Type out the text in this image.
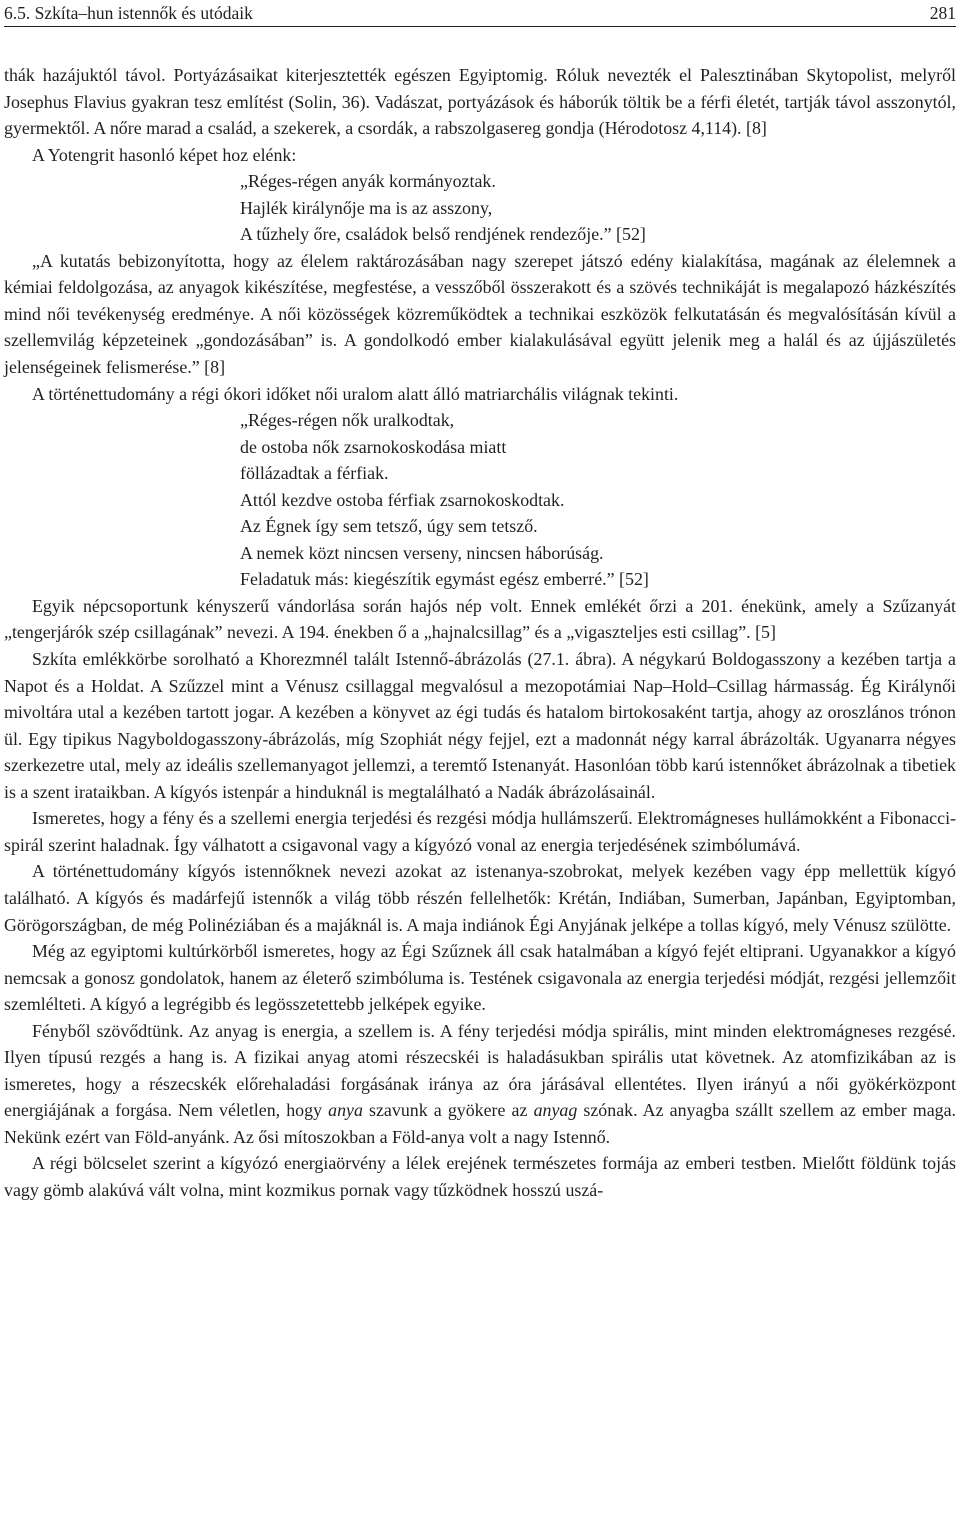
6.5. Szkíta–hun istennők és utódaik	281

thák hazájuktól távol. Portyázásaikat kiterjesztették egészen Egyiptomig. Róluk nevezték el Palesztinában Skytopolist, melyről Josephus Flavius gyakran tesz említést (Solin, 36). Vadászat, portyázások és háborúk töltik be a férfi életét, tartják távol asszonytól, gyermektől. A nőre marad a család, a szekerek, a csordák, a rabszolgasereg gondja (Hérodotosz 4,114). [8]

A Yotengrit hasonló képet hoz elénk:

„Réges-régen anyák kormányoztak.
Hajlék királynője ma is az asszony,
A tűzhely őre, családok belső rendjének rendezője.” [52]

„A kutatás bebizonyította, hogy az élelem raktározásában nagy szerepet játszó edény kialakítása, magának az élelemnek a kémiai feldolgozása, az anyagok kikészítése, megfestése, a vesszőből összerakott és a szövés technikáját is megalapozó házkészítés mind női tevékenység eredménye. A női közösségek közreműködtek a technikai eszközök felkutatásán és megvalósításán kívül a szellemvilág képzeteinek „gondozásában” is. A gondolkodó ember kialakulásával együtt jelenik meg a halál és az újjászületés jelenségeinek felismerése.” [8]

A történettudomány a régi ókori időket női uralom alatt álló matriarchális világnak tekinti.

„Réges-régen nők uralkodtak,
de ostoba nők zsarnokoskodása miatt
föllázadtak a férfiak.
Attól kezdve ostoba férfiak zsarnokoskodtak.
Az Égnek így sem tetsző, úgy sem tetsző.
A nemek közt nincsen verseny, nincsen háborúság.
Feladatuk más: kiegészítik egymást egész emberré.” [52]

Egyik népcsoportunk kényszerű vándorlása során hajós nép volt. Ennek emlékét őrzi a 201. énekünk, amely a Szűzanyát „tengerjárók szép csillagának” nevezi. A 194. énekben ő a „hajnalcsillag” és a „vigaszteljes esti csillag”. [5]

Szkíta emlékkörbe sorolható a Khorezmnél talált Istennő-ábrázolás (27.1. ábra). A négykarú Boldogasszony a kezében tartja a Napot és a Holdat. A Szűzzel mint a Vénusz csillaggal megvalósul a mezopotámiai Nap–Hold–Csillag hármasság. Ég Királynői mivoltára utal a kezében tartott jogar. A kezében a könyvet az égi tudás és hatalom birtokosaként tartja, ahogy az oroszlános trónon ül. Egy tipikus Nagyboldogasszony-ábrázolás, míg Szophiát négy fejjel, ezt a madonnát négy karral ábrázolták. Ugyanarra négyes szerkezetre utal, mely az ideális szellemanyagot jellemzi, a teremtő Istenanyát. Hasonlóan több karú istennőket ábrázolnak a tibetiek is a szent irataikban. A kígyós istenpár a hinduknál is megtalálható a Nadák ábrázolásainál.

Ismeretes, hogy a fény és a szellemi energia terjedési és rezgési módja hullámszerű. Elektromágneses hullámokként a Fibonacci-spirál szerint haladnak. Így válhatott a csigavonal vagy a kígyózó vonal az energia terjedésének szimbólumává.

A történettudomány kígyós istennőknek nevezi azokat az istenanya-szobrokat, melyek kezében vagy épp mellettük kígyó található. A kígyós és madárfejű istennők a világ több részén fellelhetők: Krétán, Indiában, Sumerban, Japánban, Egyiptomban, Görögországban, de még Polinéziában és a majáknál is. A maja indiánok Égi Anyjának jelképe a tollas kígyó, mely Vénusz szülötte.

Még az egyiptomi kultúrkörből ismeretes, hogy az Égi Szűznek áll csak hatalmában a kígyó fejét eltiprani. Ugyanakkor a kígyó nemcsak a gonosz gondolatok, hanem az életerő szimbóluma is. Testének csigavonala az energia terjedési módját, rezgési jellemzőit szemlélteti. A kígyó a legrégibb és legösszetettebb jelképek egyike.

Fényből szövődtünk. Az anyag is energia, a szellem is. A fény terjedési módja spirális, mint minden elektromágneses rezgésé. Ilyen típusú rezgés a hang is. A fizikai anyag atomi részecskéi is haladásukban spirális utat követnek. Az atomfizikában az is ismeretes, hogy a részecskék előrehaladási forgásának iránya az óra járásával ellentétes. Ilyen irányú a női gyökérközpont energiájának a forgása. Nem véletlen, hogy anya szavunk a gyökere az anyag szónak. Az anyagba szállt szellem az ember maga. Nekünk ezért van Föld-anyánk. Az ősi mítoszokban a Föld-anya volt a nagy Istennő.

A régi bölcselet szerint a kígyózó energiaörvény a lélek erejének természetes formája az emberi testben. Mielőtt földünk tojás vagy gömb alakúvá vált volna, mint kozmikus pornak vagy tűzködnek hosszú uszá-
